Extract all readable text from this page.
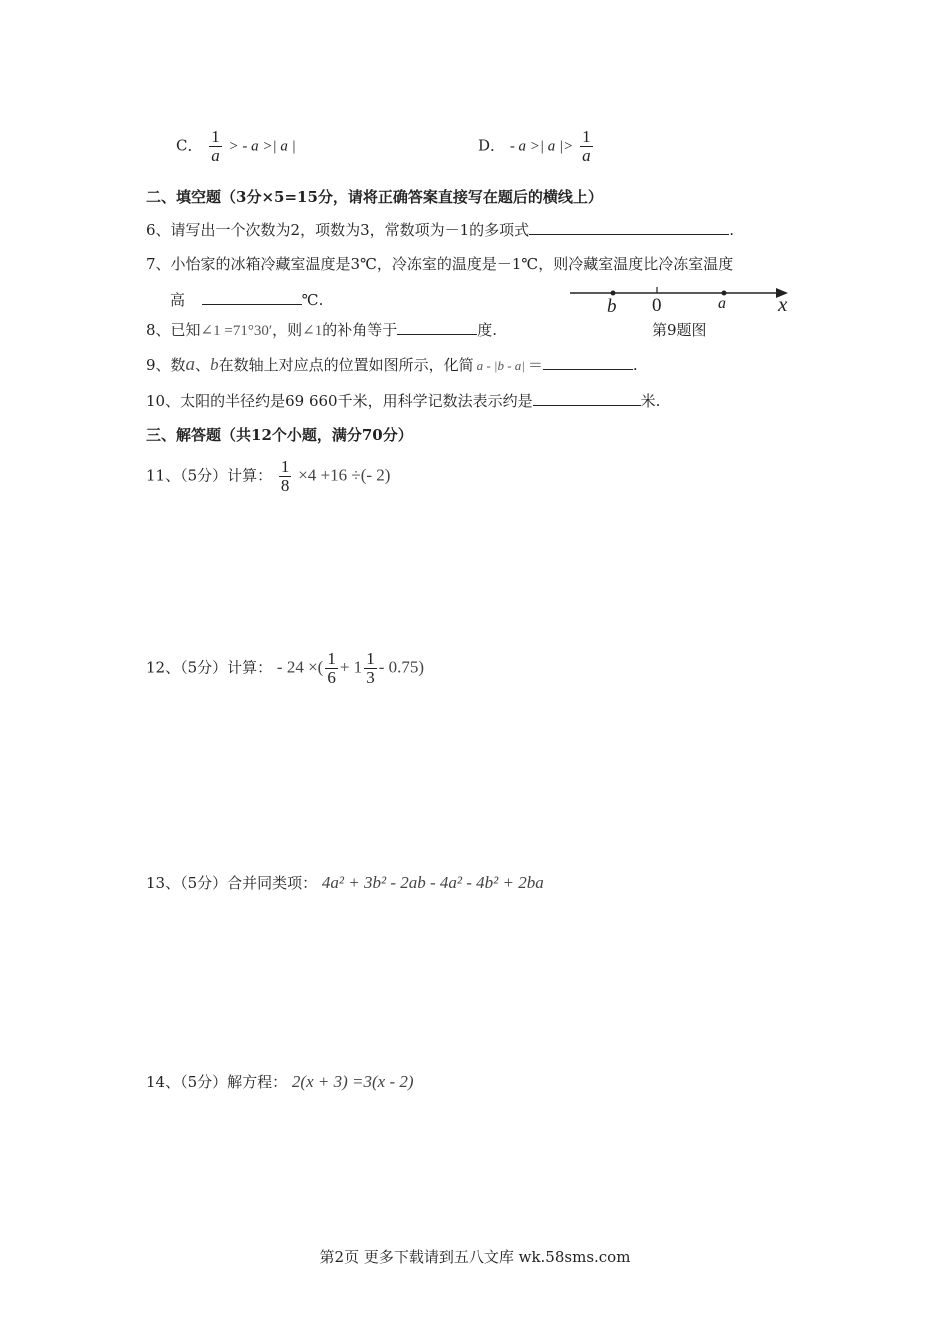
C． $\frac{1}{a}$ > - a >| a |	D． - a >| a |> $\frac{1}{a}$
二、填空题（3分×5=15分，请将正确答案直接写在题后的横线上）
6、请写出一个次数为2，项数为3，常数项为－1的多项式	.
7、小怡家的冰箱冷藏室温度是3℃，冷冻室的温度是－1℃，则冷藏室温度比冷冻室温度
高	℃.	b 0	a x
第9题图
8、已知∠1 =71°30′，则∠1的补角等于	度.
9、数a、b在数轴上对应点的位置如图所示，化简 a - |b - a| ＝	.
10、太阳的半径约是69 660千米，用科学记数法表示约是	米.
三、解答题（共12个小题，满分70分）
11、（5分）计算： $\frac{1}{8} \times 4 +16$ ÷(- 2)
12、（5分）计算： - 24 ×( $\frac{1}{6} + 1 \frac{1}{3} - 0.75$)
13、（5分）合并同类项： 4a² + 3b² - 2ab - 4a² - 4b² + 2ba
14、（5分）解方程： 2(x + 3) =3(x - 2)
第2页 更多下载请到五八文库 wk.58sms.com
